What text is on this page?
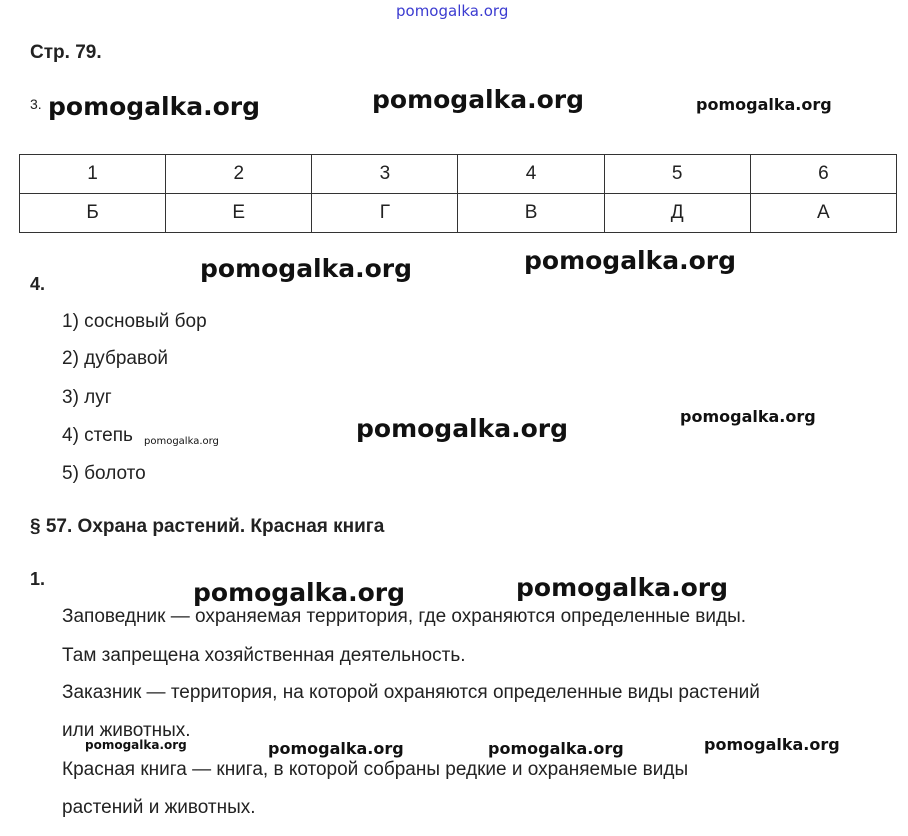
pomogalka.org
Стр. 79.
3. pomogalka.org	pomogalka.org	pomogalka.org
1	2	3	4	5	6
Б	Е	Г	В	Д	А
4.
pomogalka.org	pomogalka.org
1) сосновый бор
2) дубравой
3) луг
4) степь pomogalka.org
5) болото
pomogalka.org	pomogalka.org
§ 57. Охрана растений. Красная книга
1.	pomogalka.org	pomogalka.org
Заповедник — охраняемая территория, где охраняются определенные виды.
Там запрещена хозяйственная деятельность.
Заказник — территория, на которой охраняются определенные виды растений
или животных.
pomogalka.org	pomogalka.org	pomogalka.org	pomogalka.org
Красная книга — книга, в которой собраны редкие и охраняемые виды
растений и животных.
